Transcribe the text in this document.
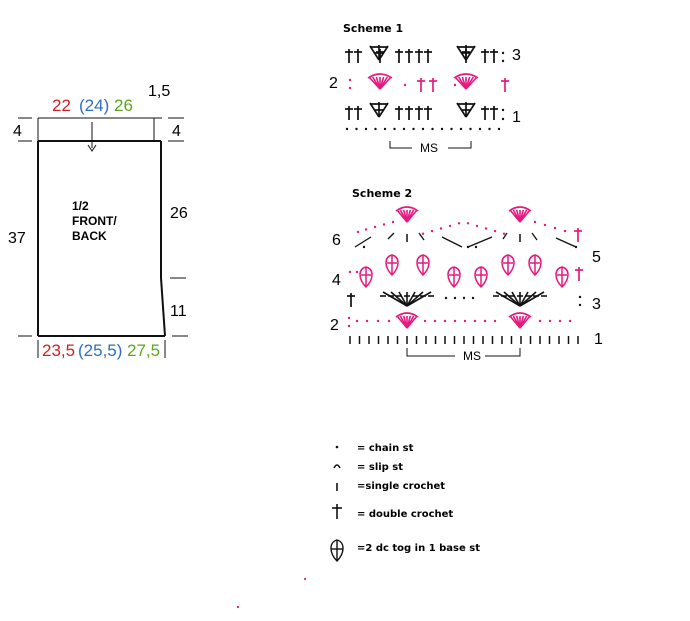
1/2
FRONT/
BACK
22 (24) 26
23,5 (25,5) 27,5
1,5
4	4
37
26
11
Scheme 1
3
2
1
MS
Scheme 2
6
5
4
3
2
1
MS
= chain st
= slip st
=single crochet
= double crochet
=2 dc tog in 1 base st
